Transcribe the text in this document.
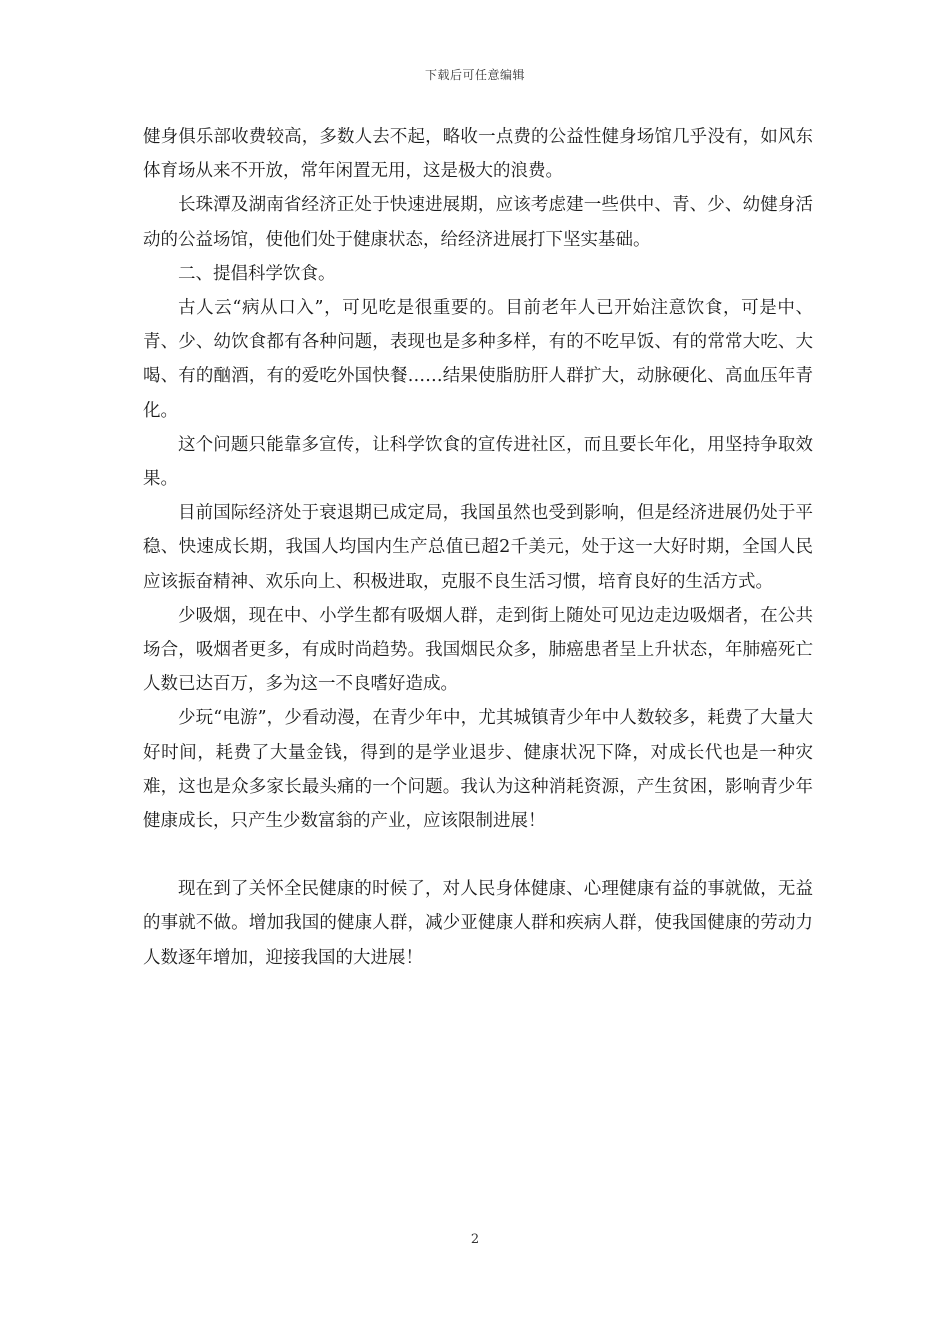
下载后可任意编辑

健身俱乐部收费较高，多数人去不起，略收一点费的公益性健身场馆几乎没有，如风东体育场从来不开放，常年闲置无用，这是极大的浪费。

长珠潭及湖南省经济正处于快速进展期，应该考虑建一些供中、青、少、幼健身活动的公益场馆，使他们处于健康状态，给经济进展打下坚实基础。

二、提倡科学饮食。

古人云“病从口入”，可见吃是很重要的。目前老年人已开始注意饮食，可是中、青、少、幼饮食都有各种问题，表现也是多种多样，有的不吃早饭、有的常常大吃、大喝、有的酗酒，有的爱吃外国快餐……结果使脂肪肝人群扩大，动脉硬化、高血压年青化。

这个问题只能靠多宣传，让科学饮食的宣传进社区，而且要长年化，用坚持争取效果。

目前国际经济处于衰退期已成定局，我国虽然也受到影响，但是经济进展仍处于平稳、快速成长期，我国人均国内生产总值已超2千美元，处于这一大好时期，全国人民应该振奋精神、欢乐向上、积极进取，克服不良生活习惯，培育良好的生活方式。

少吸烟，现在中、小学生都有吸烟人群，走到街上随处可见边走边吸烟者，在公共场合，吸烟者更多，有成时尚趋势。我国烟民众多，肺癌患者呈上升状态，年肺癌死亡人数已达百万，多为这一不良嗜好造成。

少玩“电游”，少看动漫，在青少年中，尤其城镇青少年中人数较多，耗费了大量大好时间，耗费了大量金钱，得到的是学业退步、健康状况下降，对成长代也是一种灾难，这也是众多家长最头痛的一个问题。我认为这种消耗资源，产生贫困，影响青少年健康成长，只产生少数富翁的产业，应该限制进展！

现在到了关怀全民健康的时候了，对人民身体健康、心理健康有益的事就做，无益的事就不做。增加我国的健康人群，减少亚健康人群和疾病人群，使我国健康的劳动力人数逐年增加，迎接我国的大进展！

2
